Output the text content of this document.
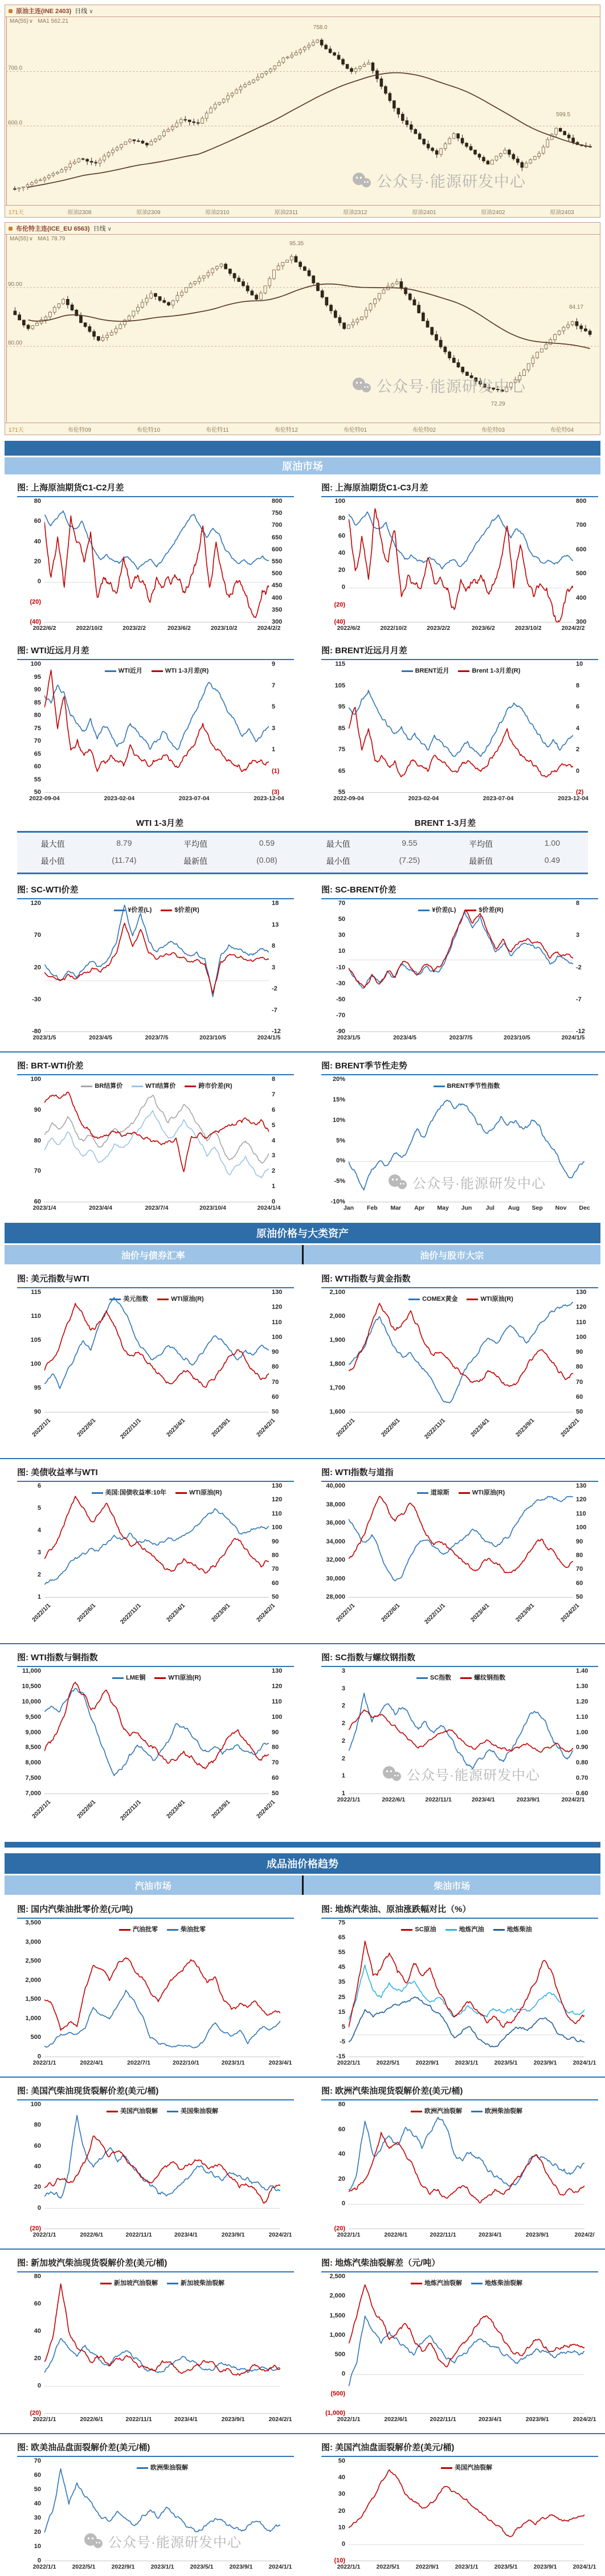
原油主连(INE 2403) 日线 ∨
700.0
600.0
758.0
599.5
MA(55)∨ MA1 562.21
公众号·能源研发中心
171天	原油2308	原油2309	原油2310	原油2311	原油2312	原油2401	原油2402	原油2403
布伦特主连(ICE_EU 6563) 日线 ∨
90.00
80.00
95.35
84.17
72.29
MA(55)∨ MA1 78.79
公众号·能源研发中心
171天	布伦特09	布伦特10	布伦特11	布伦特12	布伦特01	布伦特02	布伦特03	布伦特04
原油市场
图: 上海原油期货C1-C2月差
80
60
40
20
0
(20)
(40)
800
750
700
650
600
550
500
450
400
350
300
2022/6/2	2022/10/2	2023/2/2	2023/6/2	2023/10/2	2024/2/2
图: 上海原油期货C1-C3月差
100
80
60
40
20
0
(20)
(40)
800
700
600
500
400
300
2022/6/2	2022/10/2	2023/2/2	2023/6/2	2023/10/2	2024/2/2
图: WTI近远月月差
100
95
90
85
80
75
70
65
60
55
50
WTI近月	WTI 1-3月差(R)
9
7
5
3
1
(1)
(3)
2022-09-04	2023-02-04	2023-07-04	2023-12-04
图: BRENT近远月月差
115
105
95
85
75
65
55
BRENT近月	Brent 1-3月差(R)
10
8
6
4
2
0
(2)
2022-09-04	2023-02-04	2023-07-04	2023-12-04
WTI 1-3月差	BRENT 1-3月差
最大值	8.79	平均值	0.59	最大值	9.55	平均值	1.00
最小值	(11.74)	最新值	(0.08)	最小值	(7.25)	最新值	0.49
图: SC-WTI价差
120
70
20
-30
-80
¥价差(L)	$价差(R)
18
13
8
3
-2
-7
-12
2023/1/5	2023/4/5	2023/7/5	2023/10/5	2024/1/5
图: SC-BRENT价差
70
50
30
10
-10
-30
-50
-70
-90
¥价差(L)	$价差(R)
8
3
-2
-7
-12
2023/1/5	2023/4/5	2023/7/5	2023/10/5	2024/1/5
图: BRT-WTI价差
100
90
80
70
60
BR结算价	WTI结算价	跨市价差(R)
8
7
6
5
4
3
2
1
0
2023/1/4	2023/4/4	2023/7/4	2023/10/4	2024/1/4
图: BRENT季节性走势
20%
15%
10%
5%
0%
-5%
-10%
BRENT季节性指数
公众号·能源研发中心
Jan Feb Mar Apr May Jun Jul Aug Sep Nov Dec
原油价格与大类资产
油价与债券汇率	油价与股市大宗
图: 美元指数与WTI
115
110
105
100
95
90
美元指数	WTI原油(R)
130
120
110
100
90
80
70
60
50
2022/1/1	2022/6/1	2022/11/1	2023/4/1	2023/9/1	2024/2/1
图: WTI指数与黄金指数
2,100
2,000
1,900
1,800
1,700
1,600
COMEX黄金	WTI原油(R)
130
120
110
100
90
80
70
60
50
2022/1/1	2022/6/1	2022/11/1	2023/4/1	2023/9/1	2024/2/1
图: 美债收益率与WTI
6
5
4
3
2
1
美国:国债收益率:10年	WTI原油(R)
130
120
110
100
90
80
70
60
50
2022/1/1	2022/6/1	2022/11/1	2023/4/1	2023/9/1	2024/2/1
图: WTI指数与道指
40,000
38,000
36,000
34,000
32,000
30,000
28,000
道琼斯	WTI原油(R)
130
120
110
100
90
80
70
60
50
2022/1/1	2022/6/1	2022/11/1	2023/4/1	2023/9/1	2024/2/1
图: WTI指数与铜指数
11,000
10,500
10,000
9,500
9,000
8,500
8,000
7,500
7,000
LME铜	WTI原油(R)
130
120
110
100
90
80
70
60
50
2022/1/1	2022/6/1	2022/11/1	2023/4/1	2023/9/1	2024/2/1
图: SC指数与螺纹钢指数
3
3
2
2
2
2
1
1
SC指数	螺纹钢指数
公众号·能源研发中心
1.40
1.30
1.20
1.10
1.00
0.90
0.80
0.70
0.60
2022/1/1	2022/6/1	2022/11/1	2023/4/1	2023/9/1	2024/2/1
成品油价格趋势
汽油市场	柴油市场
图: 国内汽柴油批零价差(元/吨)
3,500
3,000
2,500
2,000
1,500
1,000
500
0
汽油批零	柴油批零
2022/1/1	2022/4/1	2022/7/1	2022/10/1	2023/1/1	2023/4/1
图: 地炼汽柴油、原油涨跌幅对比（%）
75
65
55
45
35
25
15
5
-5
-15
SC原油	地炼汽油	地炼柴油
2022/1/1	2022/5/1	2022/9/1	2023/1/1	2023/5/1	2023/9/1	2024/1/1
图: 美国汽柴油现货裂解价差(美元/桶)
100
80
60
40
20
0
(20)
美国汽油裂解	美国柴油裂解
2022/1/1	2022/6/1	2022/11/1	2023/4/1	2023/9/1	2024/2/1
图: 欧洲汽柴油现货裂解价差(美元/桶)
80
60
40
20
0
(20)
欧洲汽油裂解	欧洲柴油裂解
2022/1/1	2022/6/1	2022/11/1	2023/4/1	2023/9/1	2024/2/
图: 新加坡汽柴油现货裂解价差(美元/桶)
80
60
40
20
0
(20)
新加坡汽油裂解	新加坡柴油裂解
2022/1/1	2022/6/1	2022/11/1	2023/4/1	2023/9/1	2024/2/1
图: 地炼汽柴油裂解差（元/吨）
2,500
2,000
1,500
1,000
500
0
(500)
(1,000)
地炼汽油裂解	地炼柴油裂解
2022/1/1	2022/6/1	2022/11/1	2023/4/1	2023/9/1	2024/2/1
图: 欧美油品盘面裂解价差(美元/桶)
70
60
50
40
30
20
10
0
欧洲柴油裂解
公众号·能源研发中心
2022/1/1	2022/5/1	2022/9/1	2023/1/1	2023/5/1	2023/9/1	2024/1/1
图: 美国汽油盘面裂解价差(美元/桶)
50
40
30
20
10
0
(10)
美国汽油裂解
2022/1/1	2022/5/1	2022/9/1	2023/1/1	2023/5/1	2023/9/1	2024/1/1
